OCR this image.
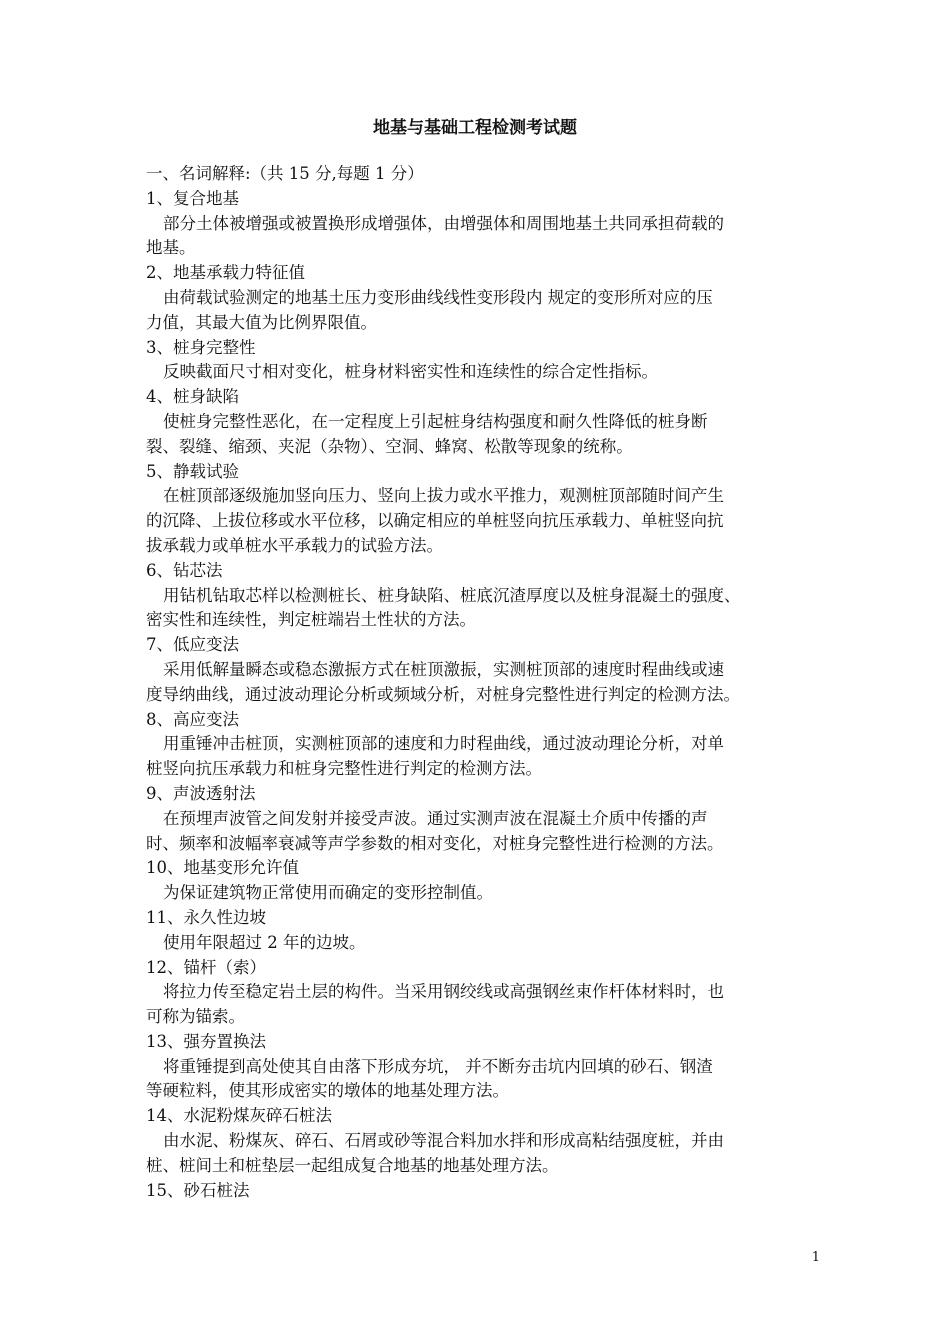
地基与基础工程检测考试题
一、名词解释:（共 15 分,每题 1 分）
1、复合地基
部分土体被增强或被置换形成增强体，由增强体和周围地基土共同承担荷载的
地基。
2、地基承载力特征值
由荷载试验测定的地基土压力变形曲线线性变形段内 规定的变形所对应的压
力值，其最大值为比例界限值。
3、桩身完整性
反映截面尺寸相对变化，桩身材料密实性和连续性的综合定性指标。
4、桩身缺陷
使桩身完整性恶化，在一定程度上引起桩身结构强度和耐久性降低的桩身断
裂、裂缝、缩颈、夹泥（杂物）、空洞、蜂窝、松散等现象的统称。
5、静载试验
在桩顶部逐级施加竖向压力、竖向上拔力或水平推力，观测桩顶部随时间产生
的沉降、上拔位移或水平位移，以确定相应的单桩竖向抗压承载力、单桩竖向抗
拔承载力或单桩水平承载力的试验方法。
6、钻芯法
用钻机钻取芯样以检测桩长、桩身缺陷、桩底沉渣厚度以及桩身混凝土的强度、
密实性和连续性，判定桩端岩土性状的方法。
7、低应变法
采用低解量瞬态或稳态激振方式在桩顶激振，实测桩顶部的速度时程曲线或速
度导纳曲线，通过波动理论分析或频域分析，对桩身完整性进行判定的检测方法。
8、高应变法
用重锤冲击桩顶，实测桩顶部的速度和力时程曲线，通过波动理论分析，对单
桩竖向抗压承载力和桩身完整性进行判定的检测方法。
9、声波透射法
在预埋声波管之间发射并接受声波。通过实测声波在混凝土介质中传播的声
时、频率和波幅率衰减等声学参数的相对变化，对桩身完整性进行检测的方法。
10、地基变形允许值
为保证建筑物正常使用而确定的变形控制值。
11、永久性边坡
使用年限超过 2 年的边坡。
12、锚杆（索）
将拉力传至稳定岩土层的构件。当采用钢绞线或高强钢丝束作杆体材料时，也
可称为锚索。
13、强夯置换法
将重锤提到高处使其自由落下形成夯坑， 并不断夯击坑内回填的砂石、钢渣
等硬粒料，使其形成密实的墩体的地基处理方法。
14、水泥粉煤灰碎石桩法
由水泥、粉煤灰、碎石、石屑或砂等混合料加水拌和形成高粘结强度桩，并由
桩、桩间土和桩垫层一起组成复合地基的地基处理方法。
15、砂石桩法
1
